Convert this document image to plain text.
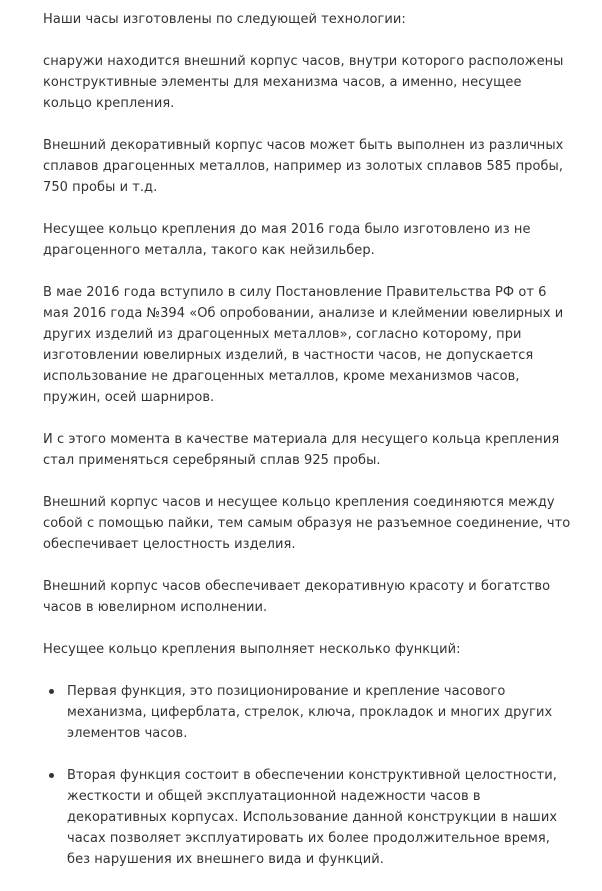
Наши часы изготовлены по следующей технологии:

снаружи находится внешний корпус часов, внутри которого расположены конструктивные элементы для механизма часов, а именно, несущее кольцо крепления.

Внешний декоративный корпус часов может быть выполнен из различных сплавов драгоценных металлов, например из золотых сплавов 585 пробы, 750 пробы и т.д.

Несущее кольцо крепления до мая 2016 года было изготовлено из не драгоценного металла, такого как нейзильбер.

В мае 2016 года вступило в силу Постановление Правительства РФ от 6 мая 2016 года №394 «Об опробовании, анализе и клеймении ювелирных и других изделий из драгоценных металлов», согласно которому, при изготовлении ювелирных изделий, в частности часов, не допускается использование не драгоценных металлов, кроме механизмов часов, пружин, осей шарниров.

И с этого момента в качестве материала для несущего кольца крепления стал применяться серебряный сплав 925 пробы.

Внешний корпус часов и несущее кольцо крепления соединяются между собой с помощью пайки, тем самым образуя не разъемное соединение, что обеспечивает целостность изделия.

Внешний корпус часов обеспечивает декоративную красоту и богатство часов в ювелирном исполнении.

Несущее кольцо крепления выполняет несколько функций:

Первая функция, это позиционирование и крепление часового механизма, циферблата, стрелок, ключа, прокладок и многих других элементов часов.
Вторая функция состоит в обеспечении конструктивной целостности, жесткости и общей эксплуатационной надежности часов в декоративных корпусах. Использование данной конструкции в наших часах позволяет эксплуатировать их более продолжительное время, без нарушения их внешнего вида и функций.
